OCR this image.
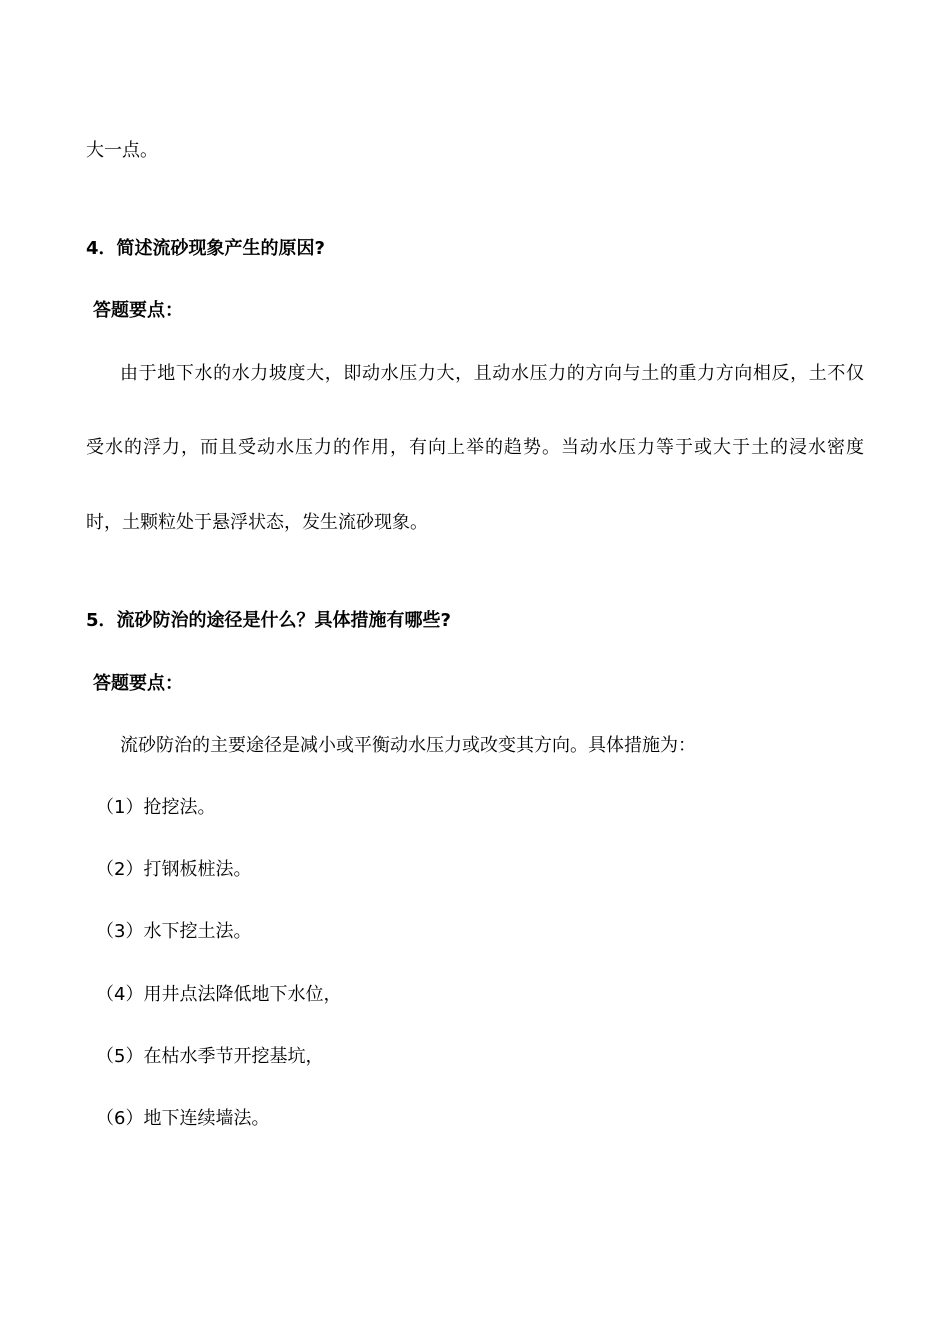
大一点。
4．简述流砂现象产生的原因?
答题要点：
由于地下水的水力坡度大，即动水压力大，且动水压力的方向与土的重力方向相反，土不仅
受水的浮力，而且受动水压力的作用，有向上举的趋势。当动水压力等于或大于土的浸水密度
时，土颗粒处于悬浮状态，发生流砂现象。
5．流砂防治的途径是什么？具体措施有哪些?
答题要点：
流砂防治的主要途径是减小或平衡动水压力或改变其方向。具体措施为：
（1）抢挖法。
（2）打钢板桩法。
（3）水下挖土法。
（4）用井点法降低地下水位，
（5）在枯水季节开挖基坑，
（6）地下连续墙法。
